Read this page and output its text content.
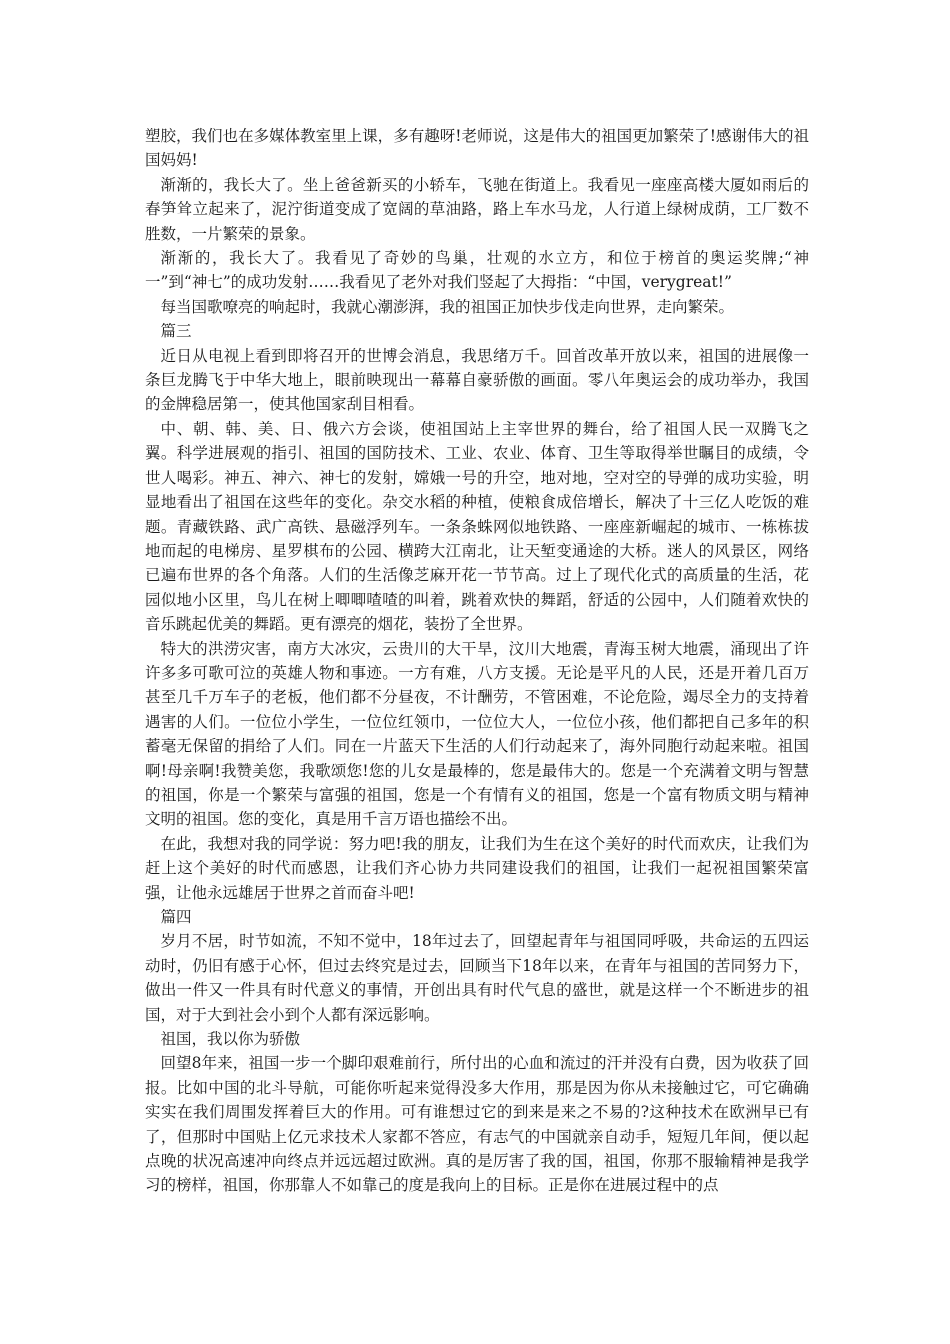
塑胶，我们也在多媒体教室里上课，多有趣呀!老师说，这是伟大的祖国更加繁荣了!感谢伟大的祖国妈妈!

渐渐的，我长大了。坐上爸爸新买的小轿车，飞驰在街道上。我看见一座座高楼大厦如雨后的春笋耸立起来了，泥泞街道变成了宽阔的草油路，路上车水马龙，人行道上绿树成荫，工厂数不胜数，一片繁荣的景象。

渐渐的，我长大了。我看见了奇妙的鸟巢，壮观的水立方，和位于榜首的奥运奖牌;“神一”到“神七”的成功发射……我看见了老外对我们竖起了大拇指：“中国，verygreat!”

每当国歌嘹亮的响起时，我就心潮澎湃，我的祖国正加快步伐走向世界，走向繁荣。

篇三

近日从电视上看到即将召开的世博会消息，我思绪万千。回首改革开放以来，祖国的进展像一条巨龙腾飞于中华大地上，眼前映现出一幕幕自豪骄傲的画面。零八年奥运会的成功举办，我国的金牌稳居第一，使其他国家刮目相看。

中、朝、韩、美、日、俄六方会谈，使祖国站上主宰世界的舞台，给了祖国人民一双腾飞之翼。科学进展观的指引、祖国的国防技术、工业、农业、体育、卫生等取得举世瞩目的成绩，令世人喝彩。神五、神六、神七的发射，嫦娥一号的升空，地对地，空对空的导弹的成功实验，明显地看出了祖国在这些年的变化。杂交水稻的种植，使粮食成倍增长，解决了十三亿人吃饭的难题。青藏铁路、武广高铁、悬磁浮列车。一条条蛛网似地铁路、一座座新崛起的城市、一栋栋拔地而起的电梯房、星罗棋布的公园、横跨大江南北，让天堑变通途的大桥。迷人的风景区，网络已遍布世界的各个角落。人们的生活像芝麻开花一节节高。过上了现代化式的高质量的生活，花园似地小区里，鸟儿在树上唧唧喳喳的叫着，跳着欢快的舞蹈，舒适的公园中，人们随着欢快的音乐跳起优美的舞蹈。更有漂亮的烟花，装扮了全世界。

特大的洪涝灾害，南方大冰灾，云贵川的大干旱，汶川大地震，青海玉树大地震，涌现出了许许多多可歌可泣的英雄人物和事迹。一方有难，八方支援。无论是平凡的人民，还是开着几百万甚至几千万车子的老板，他们都不分昼夜，不计酬劳，不管困难，不论危险，竭尽全力的支持着遇害的人们。一位位小学生，一位位红领巾，一位位大人，一位位小孩，他们都把自己多年的积蓄毫无保留的捐给了人们。同在一片蓝天下生活的人们行动起来了，海外同胞行动起来啦。祖国啊!母亲啊!我赞美您，我歌颂您!您的儿女是最棒的，您是最伟大的。您是一个充满着文明与智慧的祖国，你是一个繁荣与富强的祖国，您是一个有情有义的祖国，您是一个富有物质文明与精神文明的祖国。您的变化，真是用千言万语也描绘不出。

在此，我想对我的同学说：努力吧!我的朋友，让我们为生在这个美好的时代而欢庆，让我们为赶上这个美好的时代而感恩，让我们齐心协力共同建设我们的祖国，让我们一起祝祖国繁荣富强，让他永远雄居于世界之首而奋斗吧!

篇四

岁月不居，时节如流，不知不觉中，18年过去了，回望起青年与祖国同呼吸，共命运的五四运动时，仍旧有感于心怀，但过去终究是过去，回顾当下18年以来，在青年与祖国的苦同努力下，做出一件又一件具有时代意义的事情，开创出具有时代气息的盛世，就是这样一个不断进步的祖国，对于大到社会小到个人都有深远影响。

祖国，我以你为骄傲

回望8年来，祖国一步一个脚印艰难前行，所付出的心血和流过的汗并没有白费，因为收获了回报。比如中国的北斗导航，可能你听起来觉得没多大作用，那是因为你从未接触过它，可它确确实实在我们周围发挥着巨大的作用。可有谁想过它的到来是来之不易的?这种技术在欧洲早已有了，但那时中国贴上亿元求技术人家都不答应，有志气的中国就亲自动手，短短几年间，便以起点晚的状况高速冲向终点并远远超过欧洲。真的是厉害了我的国，祖国，你那不服输精神是我学习的榜样，祖国，你那靠人不如靠己的度是我向上的目标。正是你在进展过程中的点
